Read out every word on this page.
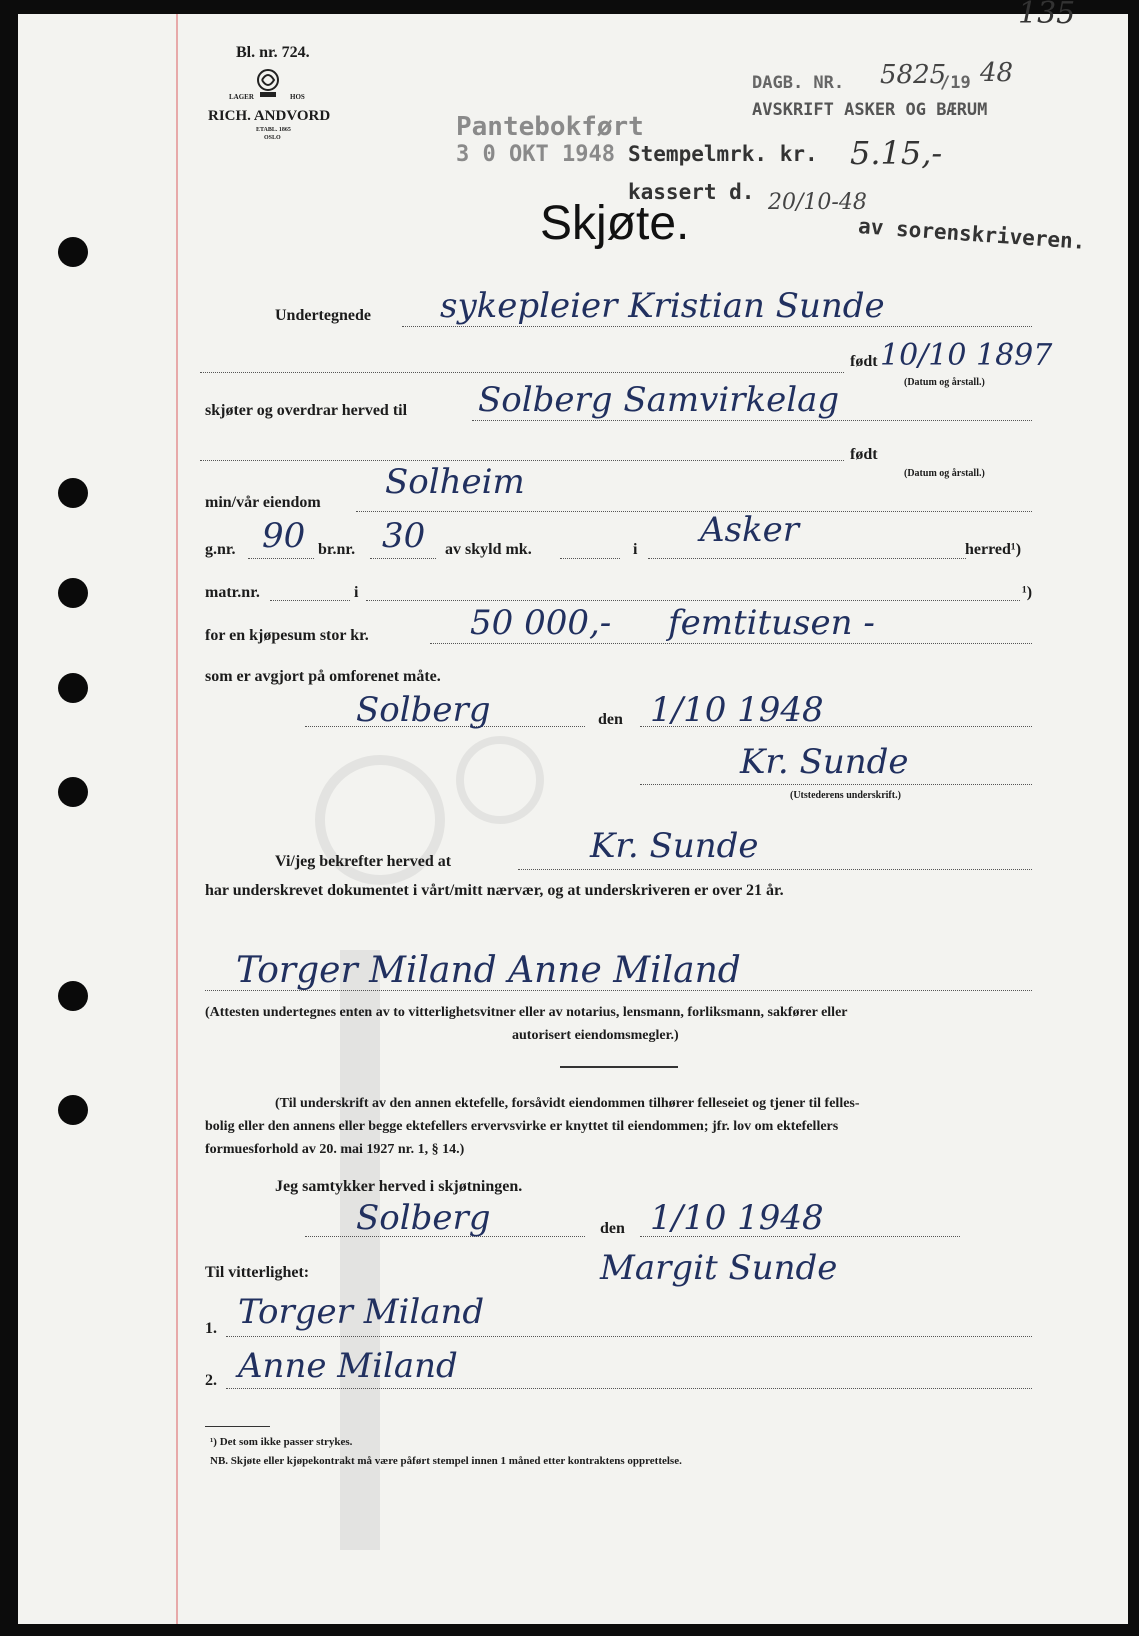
Bl. nr. 724.
LAGER	HOS
RICH. ANDVORD
ETABL. 1865
OSLO
135
DAGB. NR. 5825
/19 48
AVSKRIFT ASKER OG BÆRUM
Pantebokført
3 0 OKT 1948 Stempelmrk. kr. 5.15,-
kassert d. 20/10-48
av sorenskriveren.
Skjøte.
Undertegnede sykepleier Kristian Sunde
født 10/10 1897
(Datum og årstall.)
skjøter og overdrar herved til Solberg Samvirkelag
født
(Datum og årstall.)
min/vår eiendom
Solheim
g.nr. 90 br.nr. 30 av skyld mk.	i Asker	herred¹)
matr.nr.	i	¹)
for en kjøpesum stor kr.	50 000,- femtitusen -
som er avgjort på omforenet måte.
Solberg	den 1/10 1948
Kr. Sunde
(Utstederens underskrift.)
Vi/jeg bekrefter herved at	Kr. Sunde
har underskrevet dokumentet i vårt/mitt nærvær, og at underskriveren er over 21 år.
Torger Miland Anne Miland
(Attesten undertegnes enten av to vitterlighetsvitner eller av notarius, lensmann, forliksmann, sakfører eller
autorisert eiendomsmegler.)
(Til underskrift av den annen ektefelle, forsåvidt eiendommen tilhører felleseiet og tjener til felles-
bolig eller den annens eller begge ektefellers ervervsvirke er knyttet til eiendommen; jfr. lov om ektefellers
formuesforhold av 20. mai 1927 nr. 1, § 14.)
Jeg samtykker herved i skjøtningen.
Solberg	den 1/10 1948
Margit Sunde
Til vitterlighet:
1. Torger Miland
2. Anne Miland
¹) Det som ikke passer strykes.
NB. Skjøte eller kjøpekontrakt må være påført stempel innen 1 måned etter kontraktens opprettelse.
